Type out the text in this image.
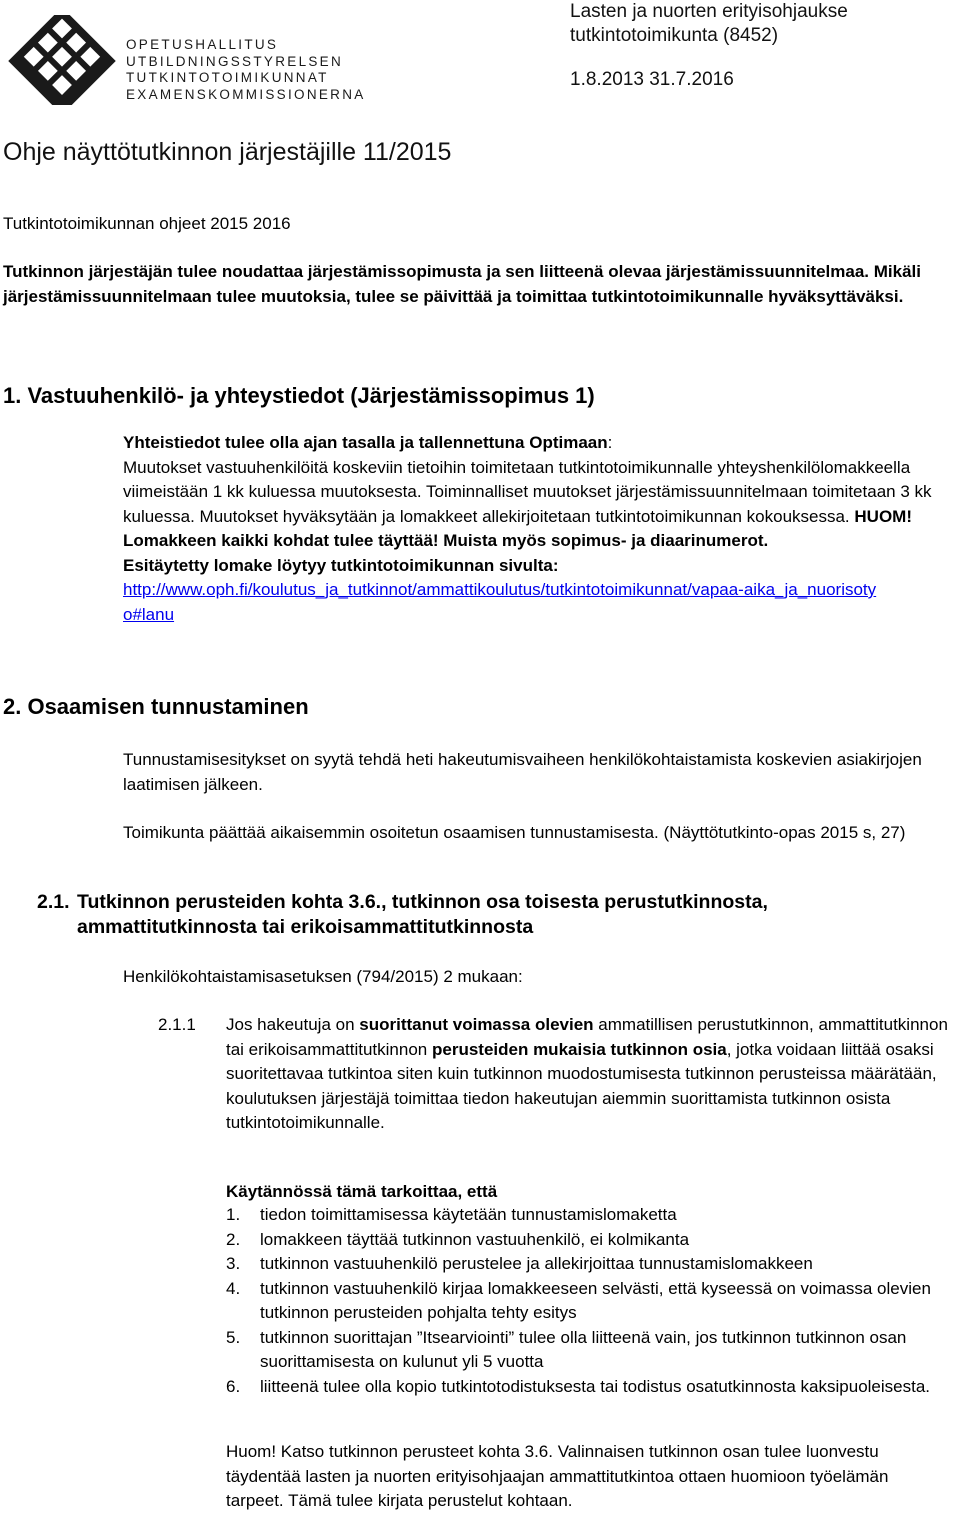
OPETUSHALLITUS
UTBILDNINGSSTYRELSEN
TUTKINTOTOIMIKUNNAT
EXAMENSKOMMISSIONERNA
Lasten ja nuorten erityisohjaukse
tutkintotoimikunta (8452)
1.8.2013 31.7.2016
Ohje näyttötutkinnon järjestäjille 11/2015
Tutkintotoimikunnan ohjeet 2015 2016
Tutkinnon järjestäjän tulee noudattaa järjestämissopimusta ja sen liitteenä olevaa järjestämissuunnitelmaa. Mikäli järjestämissuunnitelmaan tulee muutoksia, tulee se päivittää ja toimittaa tutkintotoimikunnalle hyväksyttäväksi.
1. Vastuuhenkilö- ja yhteystiedot (Järjestämissopimus 1)

Yhteistiedot tulee olla ajan tasalla ja tallennettuna Optimaan:

Muutokset vastuuhenkilöitä koskeviin tietoihin toimitetaan tutkintotoimikunnalle yhteyshenkilölomakkeella viimeistään 1 kk kuluessa muutoksesta. Toiminnalliset muutokset järjestämissuunnitelmaan toimitetaan 3 kk kuluessa. Muutokset hyväksytään ja lomakkeet allekirjoitetaan tutkintotoimikunnan kokouksessa. HUOM! Lomakkeen kaikki kohdat tulee täyttää! Muista myös sopimus- ja diaarinumerot.

Esitäytetty lomake löytyy tutkintotoimikunnan sivulta:

http://www.oph.fi/koulutus_ja_tutkinnot/ammattikoulutus/tutkintotoimikunnat/vapaa-aika_ja_nuorisotyo#lanu

2. Osaamisen tunnustaminen
Tunnustamisesitykset on syytä tehdä heti hakeutumisvaiheen henkilökohtaistamista koskevien asiakirjojen laatimisen jälkeen.
Toimikunta päättää aikaisemmin osoitetun osaamisen tunnustamisesta. (Näyttötutkinto-opas 2015 s, 27)
2.1. Tutkinnon perusteiden kohta 3.6., tutkinnon osa toisesta perustutkinnosta, ammattitutkinnosta tai erikoisammattitutkinnosta
Henkilökohtaistamisasetuksen (794/2015) 2 mukaan:
2.1.1 Jos hakeutuja on suorittanut voimassa olevien ammatillisen perustutkinnon, ammattitutkinnon tai erikoisammattitutkinnon perusteiden mukaisia tutkinnon osia, jotka voidaan liittää osaksi suoritettavaa tutkintoa siten kuin tutkinnon muodostumisesta tutkinnon perusteissa määrätään, koulutuksen järjestäjä toimittaa tiedon hakeutujan aiemmin suorittamista tutkinnon osista tutkintotoimikunnalle.
Käytännössä tämä tarkoittaa, että
1. tiedon toimittamisessa käytetään tunnustamislomaketta
2. lomakkeen täyttää tutkinnon vastuuhenkilö, ei kolmikanta
3. tutkinnon vastuuhenkilö perustelee ja allekirjoittaa tunnustamislomakkeen
4. tutkinnon vastuuhenkilö kirjaa lomakkeeseen selvästi, että kyseessä on voimassa olevien tutkinnon perusteiden pohjalta tehty esitys
5. tutkinnon suorittajan ”Itsearviointi” tulee olla liitteenä vain, jos tutkinnon tutkinnon osan suorittamisesta on kulunut yli 5 vuotta
6. liitteenä tulee olla kopio tutkintotodistuksesta tai todistus osatutkinnosta kaksipuoleisesta.
Huom! Katso tutkinnon perusteet kohta 3.6. Valinnaisen tutkinnon osan tulee luonvestu täydentää lasten ja nuorten erityisohjaajan ammattitutkintoa ottaen huomioon työelämän tarpeet. Tämä tulee kirjata perustelut kohtaan.
